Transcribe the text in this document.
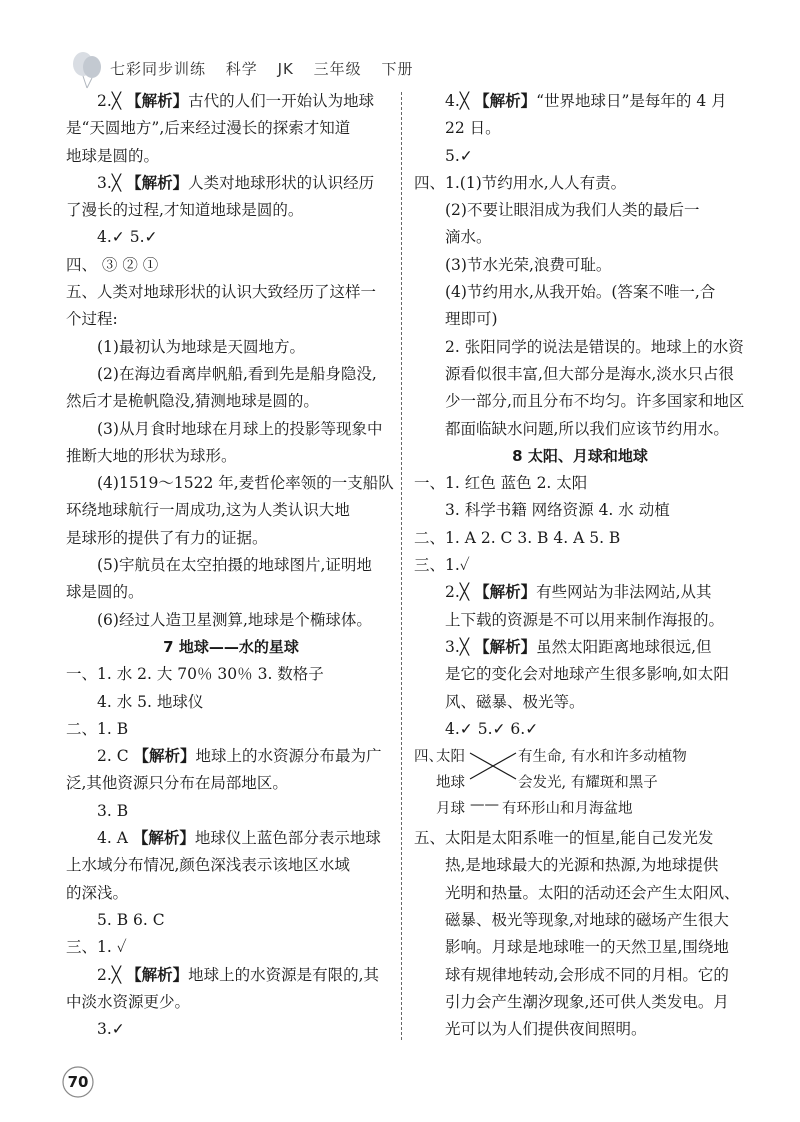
七彩同步训练 科学 JK 三年级 下册
2.╳ 【解析】古代的人们一开始认为地球
是“天圆地方”,后来经过漫长的探索才知道
地球是圆的。
3.╳ 【解析】人类对地球形状的认识经历
了漫长的过程,才知道地球是圆的。
4.✓ 5.✓
四、 ③ ② ①
五、人类对地球形状的认识大致经历了这样一
个过程:
(1)最初认为地球是天圆地方。
(2)在海边看离岸帆船,看到先是船身隐没,
然后才是桅帆隐没,猜测地球是圆的。
(3)从月食时地球在月球上的投影等现象中
推断大地的形状为球形。
(4)1519～1522 年,麦哲伦率领的一支船队
环绕地球航行一周成功,这为人类认识大地
是球形的提供了有力的证据。
(5)宇航员在太空拍摄的地球图片,证明地
球是圆的。
(6)经过人造卫星测算,地球是个椭球体。
7 地球——水的星球
一、1. 水 2. 大 70％ 30％ 3. 数格子
4. 水 5. 地球仪
二、1. B
2. C 【解析】地球上的水资源分布最为广
泛,其他资源只分布在局部地区。
3. B
4. A 【解析】地球仪上蓝色部分表示地球
上水域分布情况,颜色深浅表示该地区水域
的深浅。
5. B 6. C
三、1. ✓
2.╳ 【解析】地球上的水资源是有限的,其
中淡水资源更少。
3.✓
4.╳ 【解析】“世界地球日”是每年的 4 月
22 日。
5.✓
四、1.(1)节约用水,人人有责。
(2)不要让眼泪成为我们人类的最后一
滴水。
(3)节水光荣,浪费可耻。
(4)节约用水,从我开始。(答案不唯一,合
理即可)
2. 张阳同学的说法是错误的。地球上的水资
源看似很丰富,但大部分是海水,淡水只占很
少一部分,而且分布不均匀。许多国家和地区
都面临缺水问题,所以我们应该节约用水。
8 太阳、月球和地球
一、1. 红色 蓝色 2. 太阳
3. 科学书籍 网络资源 4. 水 动植
二、1. A 2. C 3. B 4. A 5. B
三、1.✓
2.╳ 【解析】有些网站为非法网站,从其
上下载的资源是不可以用来制作海报的。
3.╳ 【解析】虽然太阳距离地球很远,但
是它的变化会对地球产生很多影响,如太阳
风、磁暴、极光等。
4.✓ 5.✓ 6.✓
四、
太阳
地球
月球 ——
有生命, 有水和许多动植物
会发光, 有耀斑和黑子
有环形山和月海盆地
五、太阳是太阳系唯一的恒星,能自己发光发
热,是地球最大的光源和热源,为地球提供
光明和热量。太阳的活动还会产生太阳风、
磁暴、极光等现象,对地球的磁场产生很大
影响。月球是地球唯一的天然卫星,围绕地
球有规律地转动,会形成不同的月相。它的
引力会产生潮汐现象,还可供人类发电。月
光可以为人们提供夜间照明。
70
